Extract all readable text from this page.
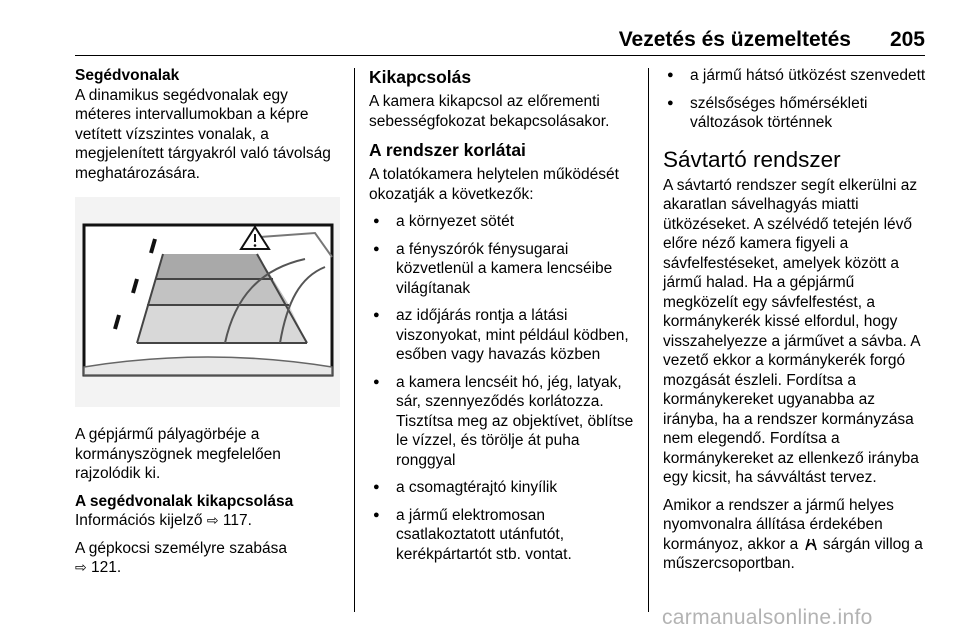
Vezetés és üzemeltetés 205

Segédvonalak

A dinamikus segédvonalak egy méteres intervallumokban a képre vetített vízszintes vonalak, a megjelenített tárgyakról való távolság meghatározására.

A gépjármű pályagörbéje a kormányszögnek megfelelően rajzolódik ki.

A segédvonalak kikapcsolása

Információs kijelző ⇨ 117.

A gépkocsi személyre szabása
⇨ 121.

Kikapcsolás

A kamera kikapcsol az előrementi sebességfokozat bekapcsolásakor.

A rendszer korlátai

A tolatókamera helytelen működését okozatják a következők:

● a környezet sötét
● a fényszórók fénysugarai közvetlenül a kamera lencséibe világítanak
● az időjárás rontja a látási viszonyokat, mint például ködben, esőben vagy havazás közben
● a kamera lencséit hó, jég, latyak, sár, szennyeződés korlátozza. Tisztítsa meg az objektívet, öblítse le vízzel, és törölje át puha ronggyal
● a csomagtérajtó kinyílik
● a jármű elektromosan csatlakoztatott utánfutót, kerékpártartót stb. vontat.
● a jármű hátsó ütközést szenvedett
● szélsőséges hőmérsékleti változások történnek

Sávtartó rendszer

A sávtartó rendszer segít elkerülni az akaratlan sávelhagyás miatti ütközéseket. A szélvédő tetején lévő előre néző kamera figyeli a sávfelfestéseket, amelyek között a jármű halad. Ha a gépjármű megközelít egy sávfelfestést, a kormánykerék kissé elfordul, hogy visszahelyezze a járművet a sávba. A vezető ekkor a kormánykerék forgó mozgását észleli. Fordítsa a kormánykereket ugyanabba az irányba, ha a rendszer kormányzása nem elegendő. Fordítsa a kormánykereket az ellenkező irányba egy kicsit, ha sávváltást tervez.

Amikor a rendszer a jármű helyes nyomvonalra állítása érdekében kormányoz, akkor a sárgán villog a műszercsoportban.

carmanualsonline.info
